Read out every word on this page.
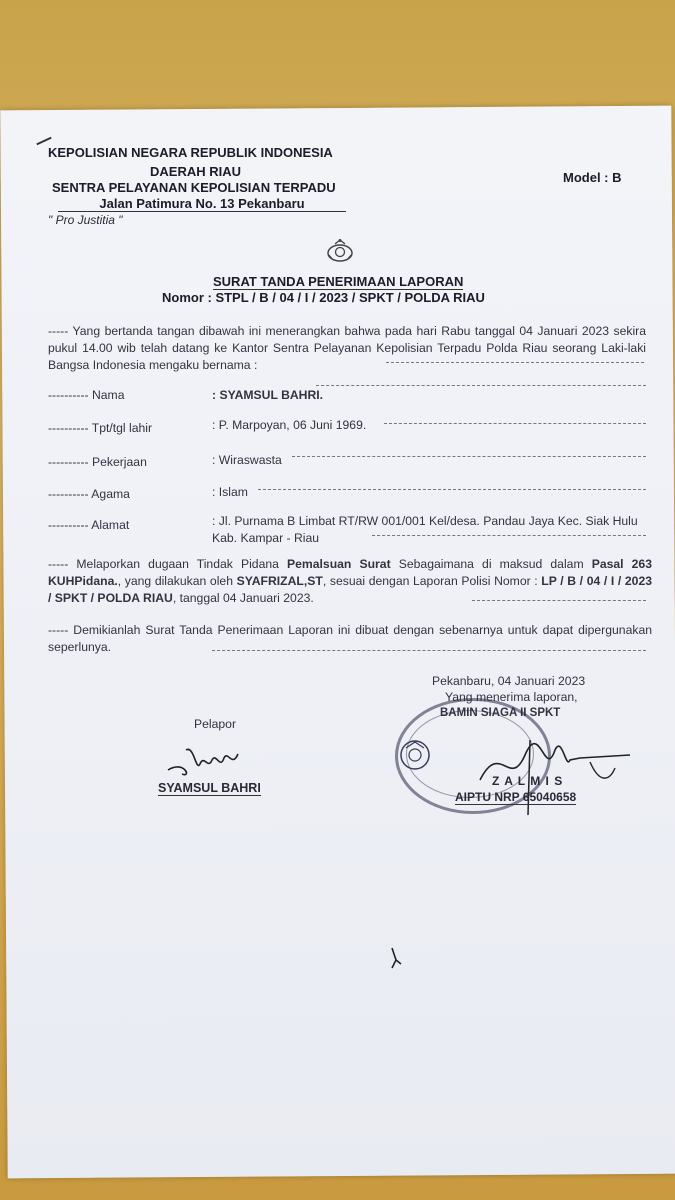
KEPOLISIAN NEGARA REPUBLIK INDONESIA
DAERAH RIAU
SENTRA PELAYANAN KEPOLISIAN TERPADU
Jalan Patimura No. 13 Pekanbaru
" Pro Justitia "
Model : B
SURAT TANDA PENERIMAAN LAPORAN
Nomor : STPL / B / 04 / I / 2023 / SPKT / POLDA RIAU
----- Yang bertanda tangan dibawah ini menerangkan bahwa pada hari Rabu tanggal 04 Januari 2023 sekira pukul 14.00 wib telah datang ke Kantor Sentra Pelayanan Kepolisian Terpadu Polda Riau seorang Laki-laki Bangsa Indonesia mengaku bernama :
---------- Nama	: SYAMSUL BAHRI.
---------- Tpt/tgl lahir	: P. Marpoyan, 06 Juni 1969.
---------- Pekerjaan	: Wiraswasta
---------- Agama	: Islam
---------- Alamat	: Jl. Purnama B Limbat RT/RW 001/001 Kel/desa. Pandau Jaya Kec. Siak Hulu Kab. Kampar - Riau
----- Melaporkan dugaan Tindak Pidana Pemalsuan Surat Sebagaimana di maksud dalam Pasal 263 KUHPidana., yang dilakukan oleh SYAFRIZAL,ST, sesuai dengan Laporan Polisi Nomor : LP / B / 04 / I / 2023 / SPKT / POLDA RIAU, tanggal 04 Januari 2023.
----- Demikianlah Surat Tanda Penerimaan Laporan ini dibuat dengan sebenarnya untuk dapat dipergunakan seperlunya.
Pekanbaru, 04 Januari 2023
Yang menerima laporan,
BAMIN SIAGA II SPKT
Z A L M I S
AIPTU NRP 65040658
Pelapor
SYAMSUL BAHRI
